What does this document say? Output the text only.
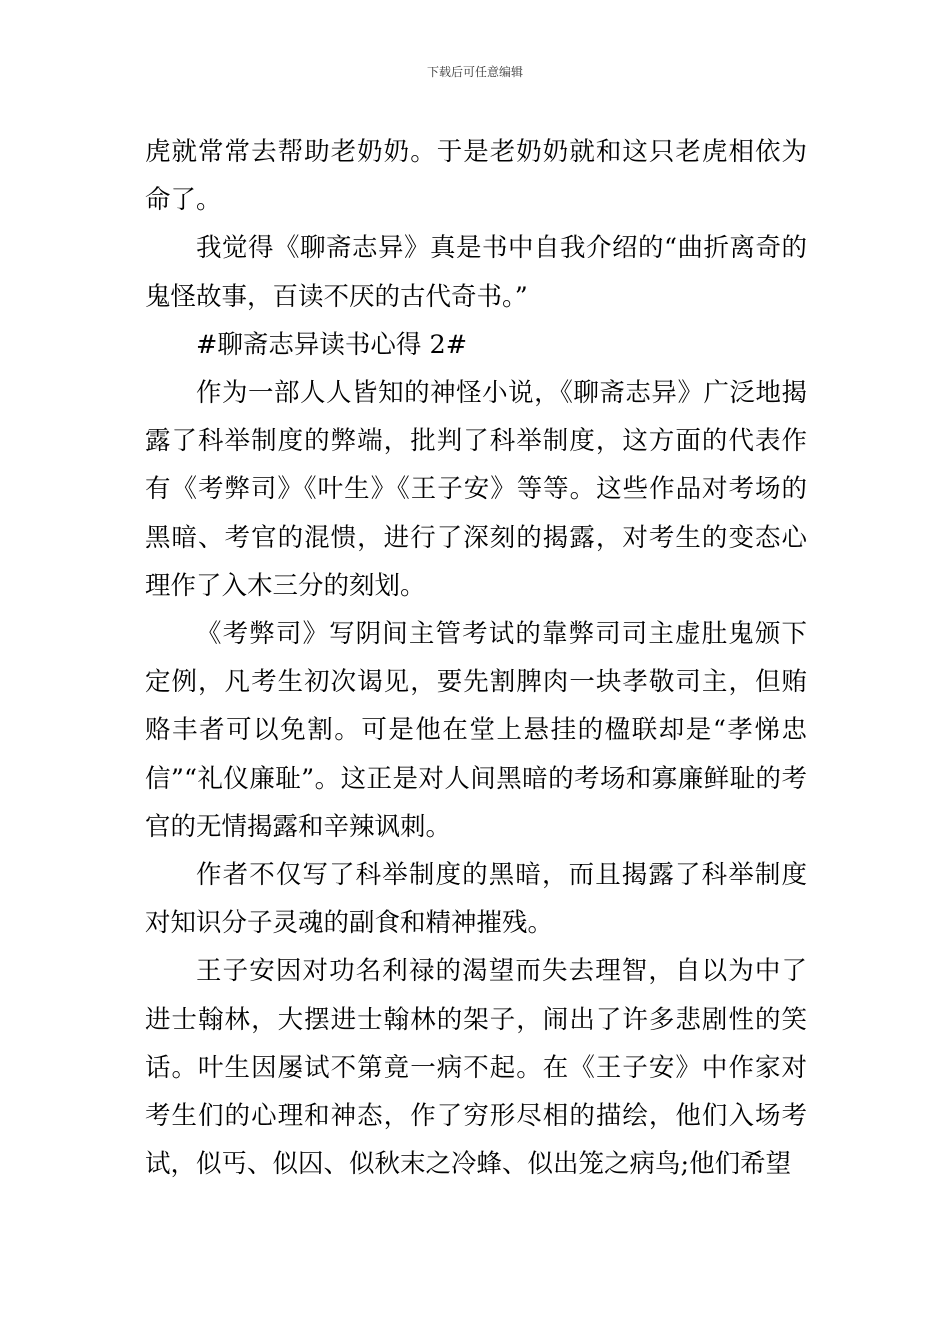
下载后可任意编辑

虎就常常去帮助老奶奶。于是老奶奶就和这只老虎相依为命了。

我觉得《聊斋志异》真是书中自我介绍的“曲折离奇的鬼怪故事，百读不厌的古代奇书。”

#聊斋志异读书心得 2#

作为一部人人皆知的神怪小说，《聊斋志异》广泛地揭露了科举制度的弊端，批判了科举制度，这方面的代表作有《考弊司》《叶生》《王子安》等等。这些作品对考场的黑暗、考官的混愦，进行了深刻的揭露，对考生的变态心理作了入木三分的刻划。

《考弊司》写阴间主管考试的靠弊司司主虚肚鬼颁下定例，凡考生初次谒见，要先割脾肉一块孝敬司主，但贿赂丰者可以免割。可是他在堂上悬挂的楹联却是“孝悌忠信”“礼仪廉耻”。这正是对人间黑暗的考场和寡廉鲜耻的考官的无情揭露和辛辣讽刺。

作者不仅写了科举制度的黑暗，而且揭露了科举制度对知识分子灵魂的副食和精神摧残。

王子安因对功名利禄的渴望而失去理智，自以为中了进士翰林，大摆进士翰林的架子，闹出了许多悲剧性的笑话。叶生因屡试不第竟一病不起。在《王子安》中作家对考生们的心理和神态，作了穷形尽相的描绘，他们入场考试，似丐、似囚、似秋末之冷蜂、似出笼之病鸟;他们希望
